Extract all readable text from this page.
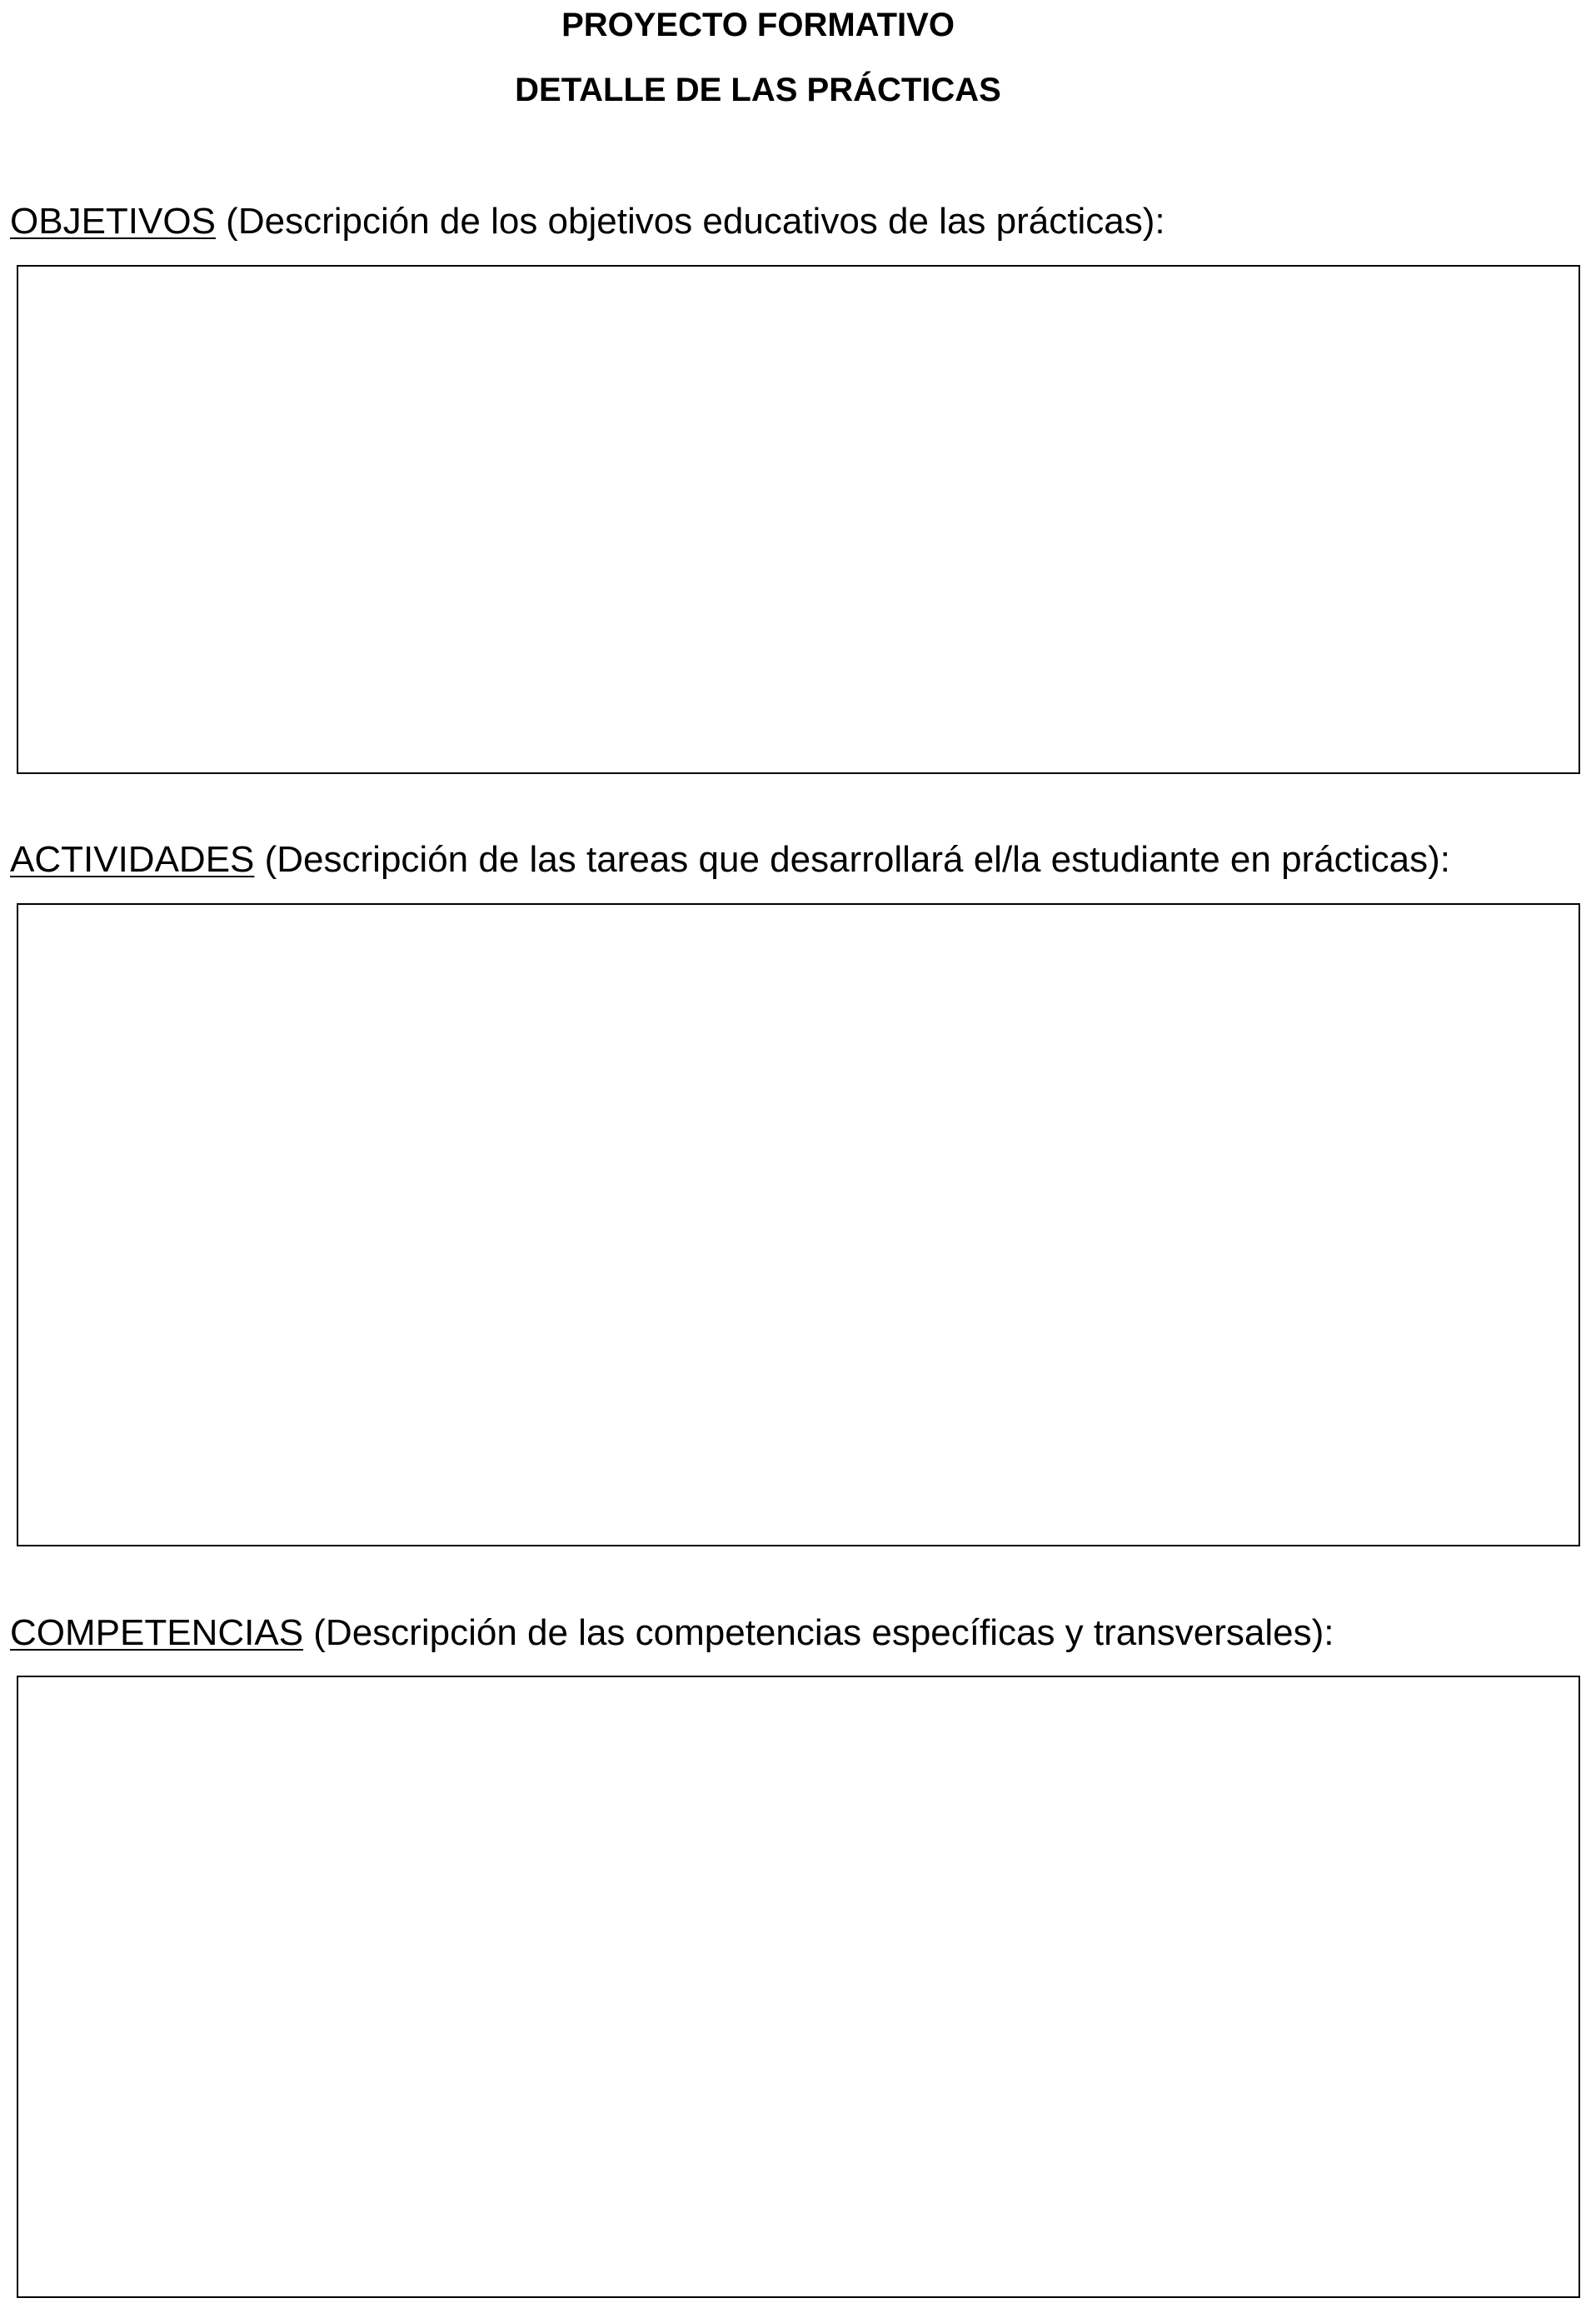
PROYECTO FORMATIVO
DETALLE DE LAS PRÁCTICAS

OBJETIVOS (Descripción de los objetivos educativos de las prácticas):

ACTIVIDADES (Descripción de las tareas que desarrollará el/la estudiante en prácticas):

COMPETENCIAS (Descripción de las competencias específicas y transversales):
